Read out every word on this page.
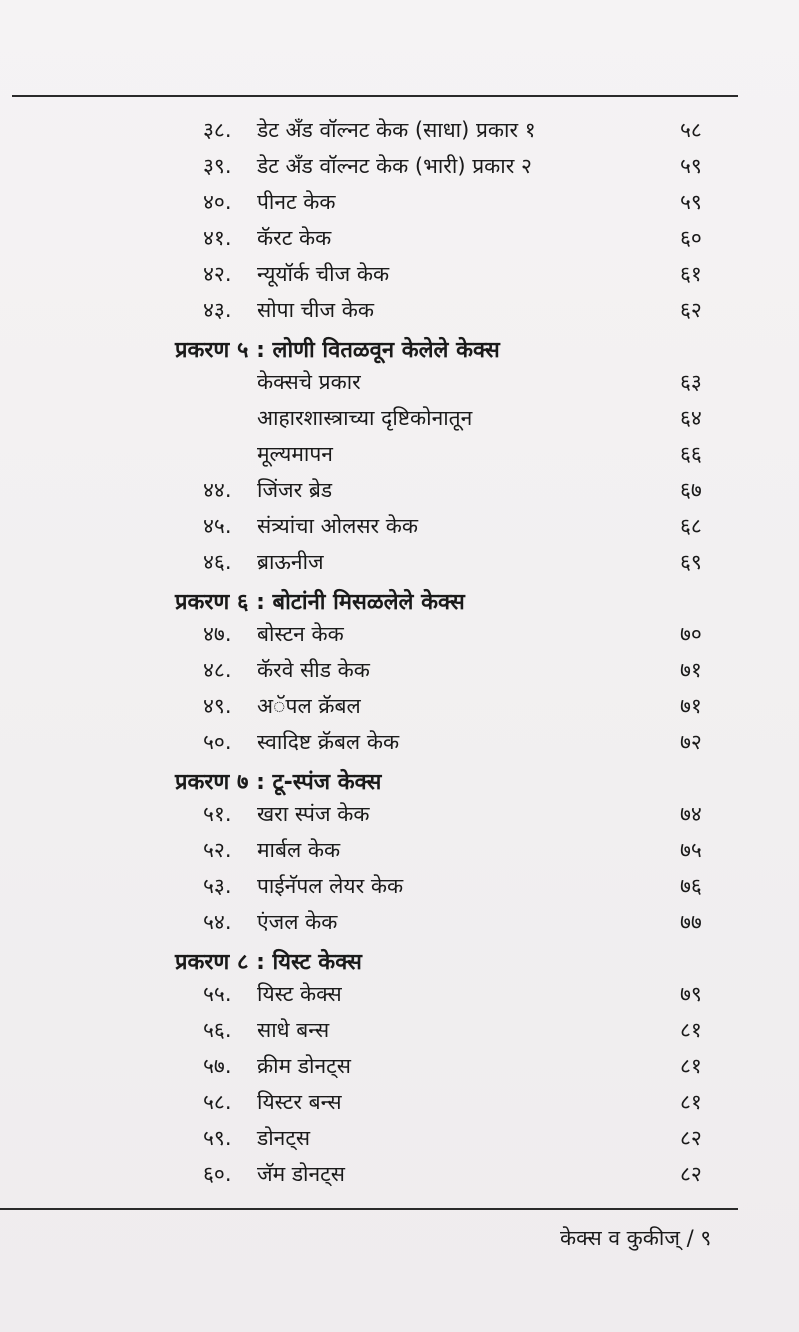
३८. डेट अँड वॉल्नट केक (साधा) प्रकार १	५८
३९. डेट अँड वॉल्नट केक (भारी) प्रकार २	५९
४०. पीनट केक	५९
४१. कॅरट केक	६०
४२. न्यूयॉर्क चीज केक	६१
४३. सोपा चीज केक	६२
प्रकरण ५ : लोणी वितळवून केलेले केक्स
केक्सचे प्रकार	६३
आहारशास्त्राच्या दृष्टिकोनातून	६४
मूल्यमापन	६६
४४. जिंजर ब्रेड	६७
४५. संत्र्यांचा ओलसर केक	६८
४६. ब्राऊनीज	६९
प्रकरण ६ : बोटांनी मिसळलेले केक्स
४७. बोस्टन केक	७०
४८. कॅरवे सीड केक	७१
४९. अॅपल क्रॅबल	७१
५०. स्वादिष्ट क्रॅबल केक	७२
प्रकरण ७ : टू-स्पंज केक्स
५१. खरा स्पंज केक	७४
५२. मार्बल केक	७५
५३. पाईनॅपल लेयर केक	७६
५४. एंजल केक	७७
प्रकरण ८ : यिस्ट केक्स
५५. यिस्ट केक्स	७९
५६. साधे बन्स	८१
५७. क्रीम डोनट्स	८१
५८. यिस्टर बन्स	८१
५९. डोनट्स	८२
६०. जॅम डोनट्स	८२
केक्स व कुकीज् / ९
